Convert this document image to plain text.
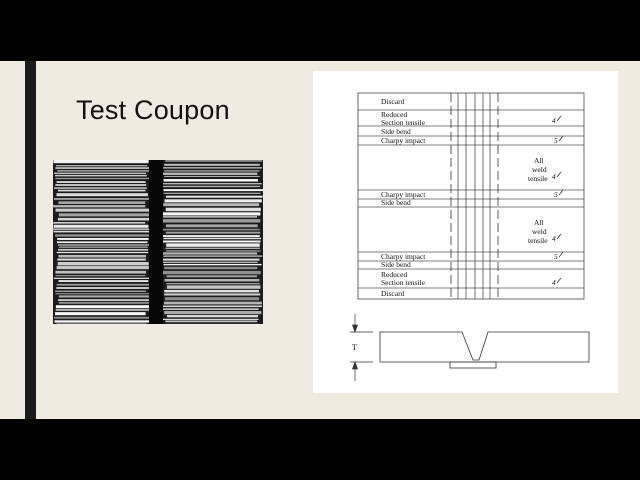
Test Coupon	Discard
Reduced
Section tensile
Side bend
Charpy impact
All
weld
tensile
Charpy impact
Side bend
All
weld
tensile
Charpy impact
Side bend
Reduced
Section tensile
Discard
4
5
4
5
4
5
4
T
